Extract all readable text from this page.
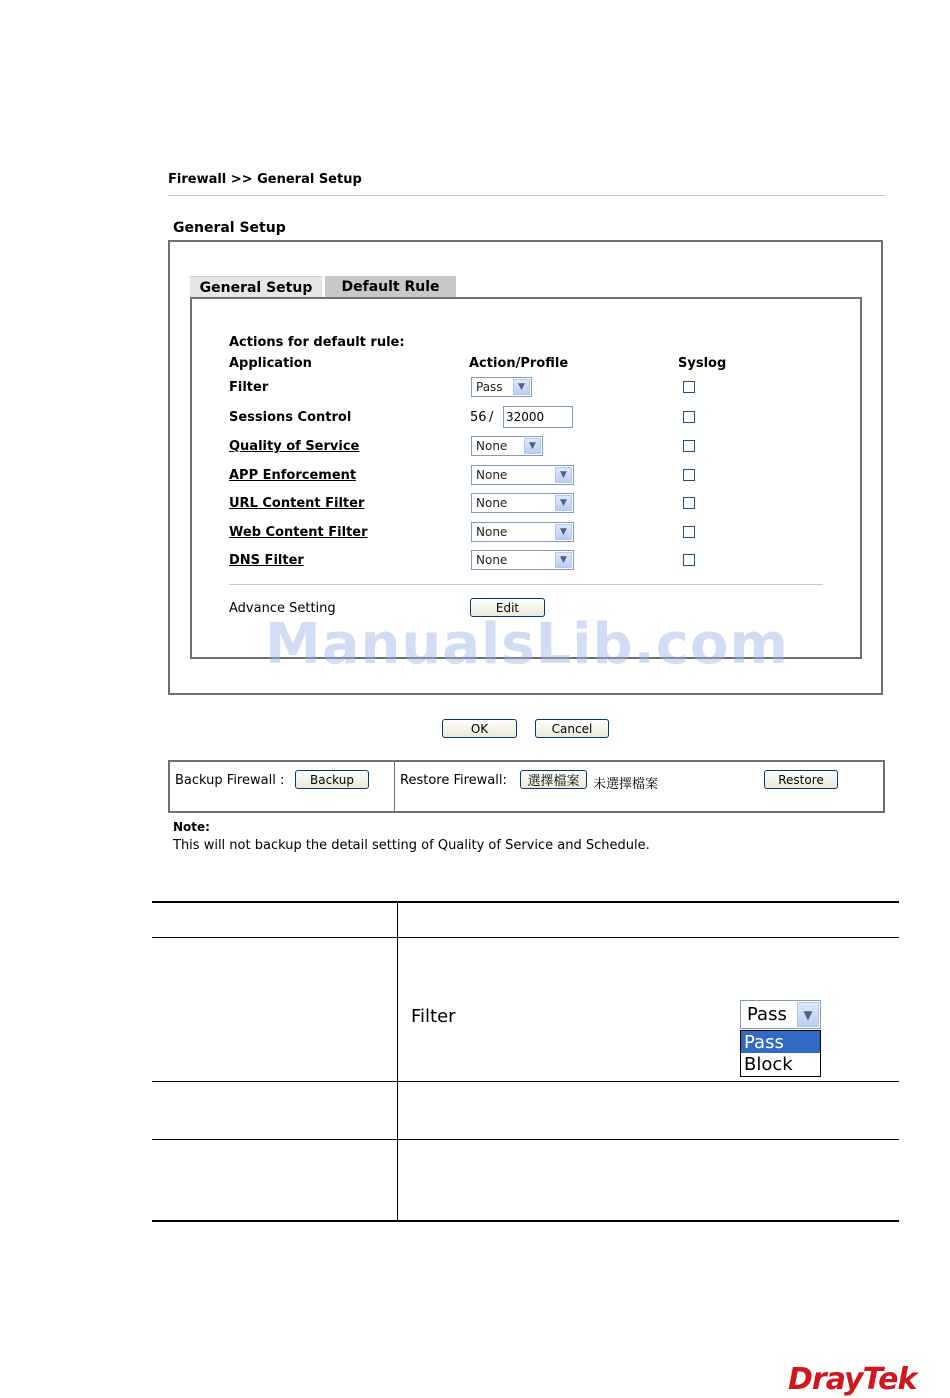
Firewall >> General Setup
General Setup
General Setup	Default Rule
Actions for default rule:
Application	Action/Profile	Syslog
Filter	Pass	▼
Sessions Control	56 / 32000
Quality of Service	None	▼
APP Enforcement	None	▼
URL Content Filter	None	▼
Web Content Filter	None	▼
DNS Filter	None	▼
Advance Setting	Edit
ManualsLib.com
OK	Cancel
Backup Firewall :	Backup	Restore Firewall:	選擇檔案	未選擇檔案	Restore
Note:
This will not backup the detail setting of Quality of Service and Schedule.
Filter	Pass	▼
Pass
Block
DrayTek
